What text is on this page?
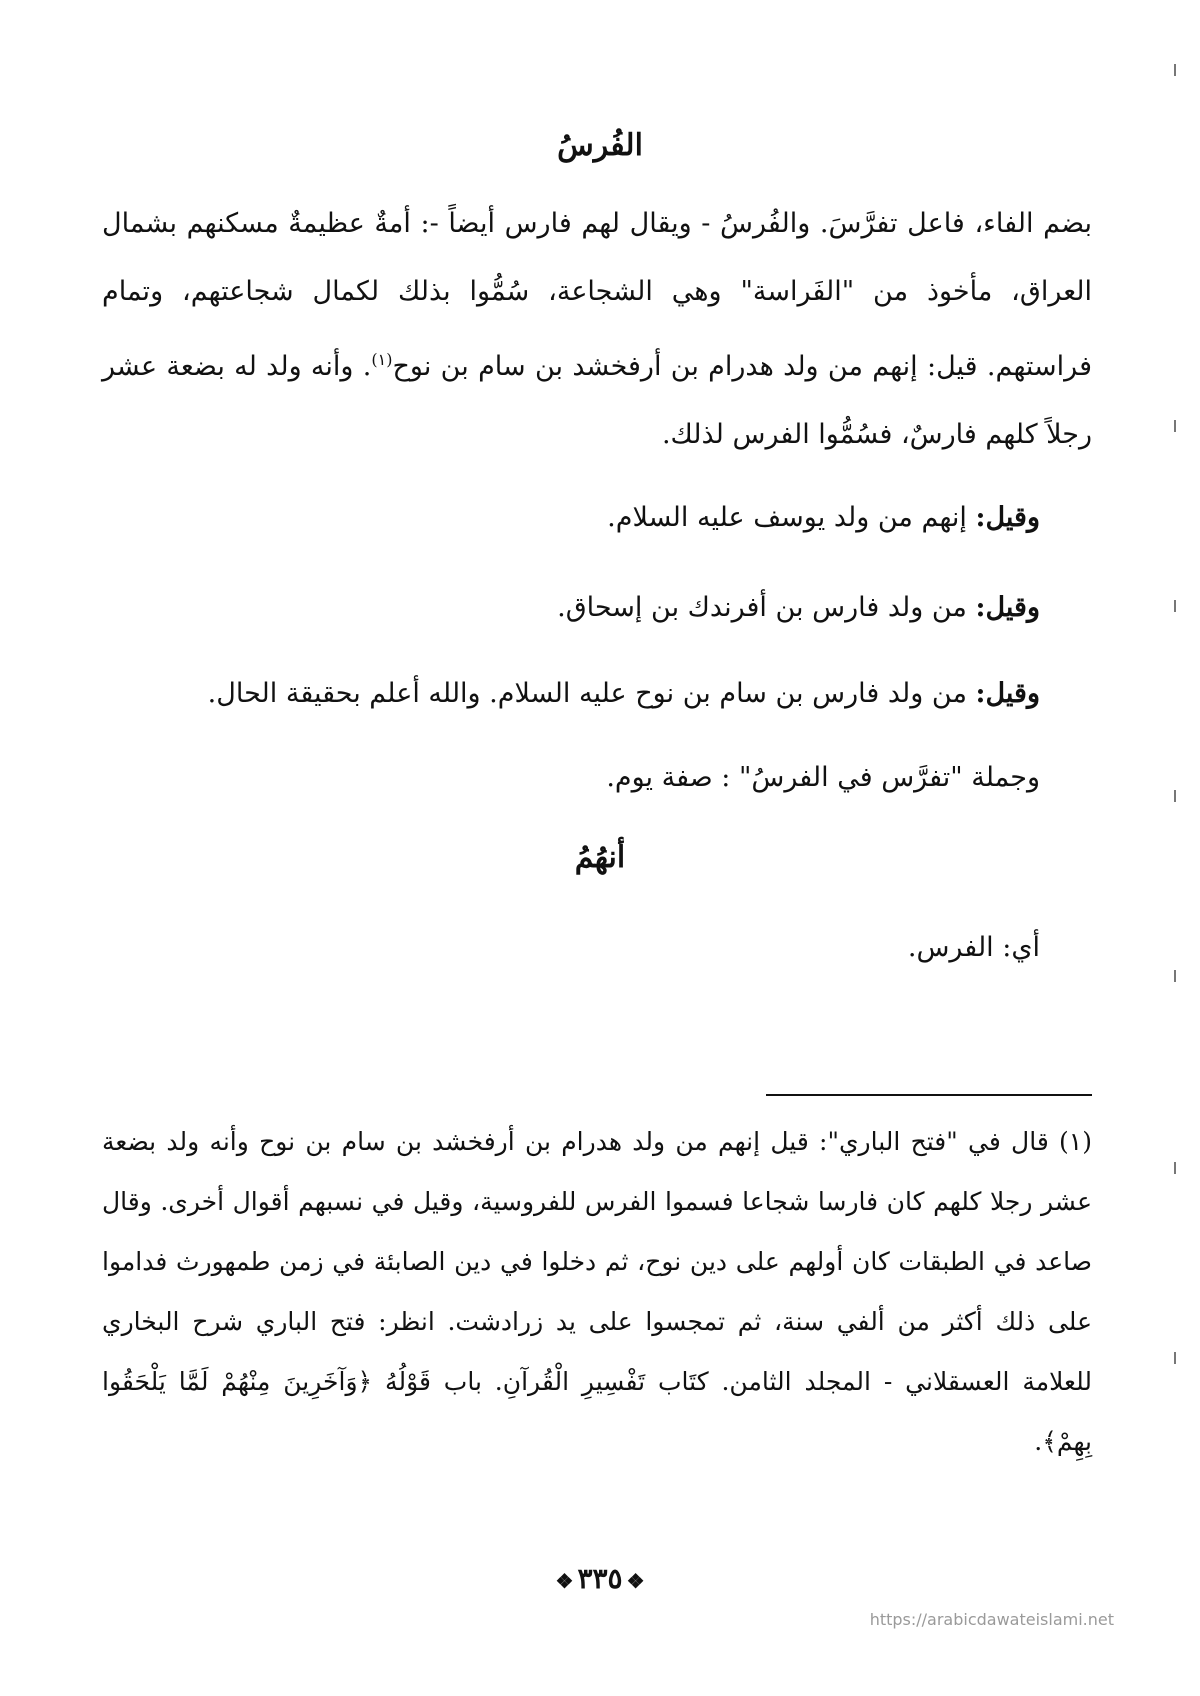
الفُرسُ
بضم الفاء، فاعل تفرَّسَ. والفُرسُ - ويقال لهم فارس أيضاً -: أمةٌ عظيمةٌ مسكنهم بشمال العراق، مأخوذ من "الفَراسة" وهي الشجاعة، سُمُّوا بذلك لكمال شجاعتهم، وتمام فراستهم. قيل: إنهم من ولد هدرام بن أرفخشد بن سام بن نوح$^{(١)}$. وأنه ولد له بضعة عشر رجلاً كلهم فارسٌ، فسُمُّوا الفرس لذلك.
وقيل: إنهم من ولد يوسف عليه السلام.
وقيل: من ولد فارس بن أفرندك بن إسحاق.
وقيل: من ولد فارس بن سام بن نوح عليه السلام. والله أعلم بحقيقة الحال.
وجملة "تفرَّس في الفرسُ" : صفة يوم.
أنهُمُ
أي: الفرس.
(١) قال في "فتح الباري": قيل إنهم من ولد هدرام بن أرفخشد بن سام بن نوح وأنه ولد بضعة عشر رجلا كلهم كان فارسا شجاعا فسموا الفرس للفروسية، وقيل في نسبهم أقوال أخرى. وقال صاعد في الطبقات كان أولهم على دين نوح، ثم دخلوا في دين الصابئة في زمن طمهورث فداموا على ذلك أكثر من ألفي سنة، ثم تمجسوا على يد زرادشت. انظر: فتح الباري شرح البخاري للعلامة العسقلاني - المجلد الثامن. كتَاب تَفْسِيرِ الْقُرآنِ. باب قَوْلُهُ ﴿وَآخَرِينَ مِنْهُمْ لَمَّا يَلْحَقُوا بِهِمْ﴾.
❖٣٣٥❖
https://arabicdawateislami.net
